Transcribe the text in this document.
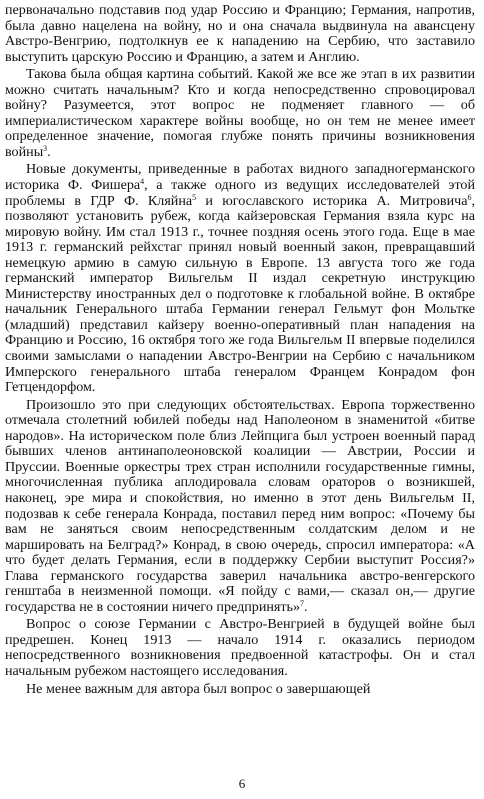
первоначально подставив под удар Россию и Францию; Германия, напротив, была давно нацелена на войну, но и она сначала выдвинула на авансцену Австро-Венгрию, подтолкнув ее к нападению на Сербию, что заставило выступить царскую Россию и Францию, а затем и Англию.

Такова была общая картина событий. Какой же все же этап в их развитии можно считать начальным? Кто и когда непосредственно спровоцировал войну? Разумеется, этот вопрос не подменяет главного — об империалистическом характере войны вообще, но он тем не менее имеет определенное значение, помогая глубже понять причины возникновения войны$^3$.

Новые документы, приведенные в работах видного западногерманского историка Ф. Фишера$^4$, а также одного из ведущих исследователей этой проблемы в ГДР Ф. Кляйна$^5$ и югославского историка А. Митровича$^6$, позволяют установить рубеж, когда кайзеровская Германия взяла курс на мировую войну. Им стал 1913 г., точнее поздняя осень этого года. Еще в мае 1913 г. германский рейхстаг принял новый военный закон, превращавший немецкую армию в самую сильную в Европе. 13 августа того же года германский император Вильгельм II издал секретную инструкцию Министерству иностранных дел о подготовке к глобальной войне. В октябре начальник Генерального штаба Германии генерал Гельмут фон Мольтке (младший) представил кайзеру военно-оперативный план нападения на Францию и Россию, 16 октября того же года Вильгельм II впервые поделился своими замыслами о нападении Австро-Венгрии на Сербию с начальником Имперского генерального штаба генералом Францем Конрадом фон Гетцендорфом.

Произошло это при следующих обстоятельствах. Европа торжественно отмечала столетний юбилей победы над Наполеоном в знаменитой «битве народов». На историческом поле близ Лейпцига был устроен военный парад бывших членов антинаполеоновской коалиции — Австрии, России и Пруссии. Военные оркестры трех стран исполнили государственные гимны, многочисленная публика аплодировала словам ораторов о возникшей, наконец, эре мира и спокойствия, но именно в этот день Вильгельм II, подозвав к себе генерала Конрада, поставил перед ним вопрос: «Почему бы вам не заняться своим непосредственным солдатским делом и не маршировать на Белград?» Конрад, в свою очередь, спросил императора: «А что будет делать Германия, если в поддержку Сербии выступит Россия?» Глава германского государства заверил начальника австро-венгерского генштаба в неизменной помощи. «Я пойду с вами,— сказал он,— другие государства не в состоянии ничего предпринять»$^7$.

Вопрос о союзе Германии с Австро-Венгрией в будущей войне был предрешен. Конец 1913 — начало 1914 г. оказались периодом непосредственного возникновения предвоенной катастрофы. Он и стал начальным рубежом настоящего исследования.

Не менее важным для автора был вопрос о завершающей

6
